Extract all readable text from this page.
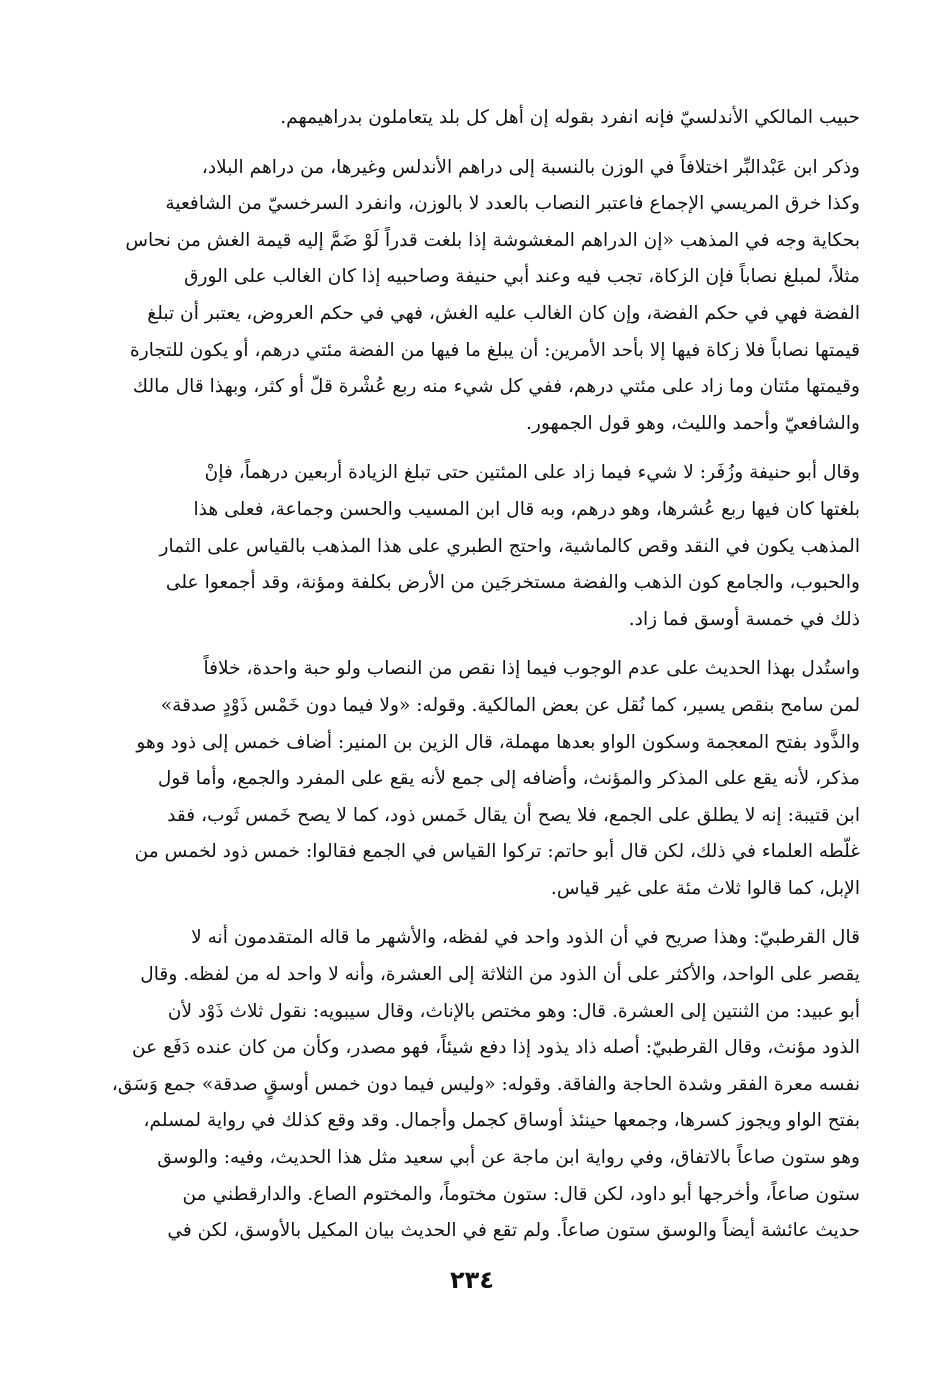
حبيب المالكي الأندلسيّ فإنه انفرد بقوله إن أهل كل بلد يتعاملون بدراهيمهم.

وذكر ابن عَبْدالبِّر اختلافاً في الوزن بالنسبة إلى دراهم الأندلس وغيرها، من دراهم البلاد،
وكذا خرق المريسي الإجماع فاعتبر النصاب بالعدد لا بالوزن، وانفرد السرخسيّ من الشافعية
بحكاية وجه في المذهب «إن الدراهم المغشوشة إذا بلغت قدراً لَوْ ضَمَّ إليه قيمة الغش من نحاس
مثلاً، لمبلغ نصاباً فإن الزكاة، تجب فيه وعند أبي حنيفة وصاحبيه إذا كان الغالب على الورق
الفضة فهي في حكم الفضة، وإن كان الغالب عليه الغش، فهي في حكم العروض، يعتبر أن تبلغ
قيمتها نصاباً فلا زكاة فيها إلا بأحد الأمرين: أن يبلغ ما فيها من الفضة مئتي درهم، أو يكون للتجارة
وقيمتها مئتان وما زاد على مئتي درهم، ففي كل شيء منه ربع عُشْرة قلّ أو كثر، وبهذا قال مالك
والشافعيّ وأحمد والليث، وهو قول الجمهور.

وقال أبو حنيفة وزُفَر: لا شيء فيما زاد على المئتين حتى تبلغ الزيادة أربعين درهماً، فإنْ
بلغتها كان فيها ربع عُشرها، وهو درهم، وبه قال ابن المسيب والحسن وجماعة، فعلى هذا
المذهب يكون في النقد وقص كالماشية، واحتج الطبري على هذا المذهب بالقياس على الثمار
والحبوب، والجامع كون الذهب والفضة مستخرجَين من الأرض بكلفة ومؤنة، وقد أجمعوا على
ذلك في خمسة أوسق فما زاد.

واستُدل بهذا الحديث على عدم الوجوب فيما إذا نقص من النصاب ولو حبة واحدة، خلافاً
لمن سامح بنقص يسير، كما نُقل عن بعض المالكية. وقوله: «ولا فيما دون خَمْس ذَوْدٍ صدقة»
والذَّود بفتح المعجمة وسكون الواو بعدها مهملة، قال الزين بن المنير: أضاف خمس إلى ذود وهو
مذكر، لأنه يقع على المذكر والمؤنث، وأضافه إلى جمع لأنه يقع على المفرد والجمع، وأما قول
ابن قتيبة: إنه لا يطلق على الجمع، فلا يصح أن يقال خَمس ذود، كما لا يصح خَمس ثَوب، فقد
غلّطه العلماء في ذلك، لكن قال أبو حاتم: تركوا القياس في الجمع فقالوا: خمس ذود لخمس من
الإبل، كما قالوا ثلاث مئة على غير قياس.

قال القرطبيّ: وهذا صريح في أن الذود واحد في لفظه، والأشهر ما قاله المتقدمون أنه لا
يقصر على الواحد، والأكثر على أن الذود من الثلاثة إلى العشرة، وأنه لا واحد له من لفظه. وقال
أبو عبيد: من الثنتين إلى العشرة. قال: وهو مختص بالإناث، وقال سيبويه: نقول ثلاث ذَوْد لأن
الذود مؤنث، وقال القرطبيّ: أصله ذاد يذود إذا دفع شيئاً، فهو مصدر، وكأن من كان عنده دَفَع عن
نفسه معرة الفقر وشدة الحاجة والفاقة. وقوله: «وليس فيما دون خمس أوسقٍ صدقة» جمع وَسَق،
بفتح الواو ويجوز كسرها، وجمعها حينئذ أوساق كجمل وأجمال. وقد وقع كذلك في رواية لمسلم،
وهو ستون صاعاً بالاتفاق، وفي رواية ابن ماجة عن أبي سعيد مثل هذا الحديث، وفيه: والوسق
ستون صاعاً، وأخرجها أبو داود، لكن قال: ستون مختوماً، والمختوم الصاع. والدارقطني من
حديث عائشة أيضاً والوسق ستون صاعاً. ولم تقع في الحديث بيان المكيل بالأوسق، لكن في

٢٣٤
